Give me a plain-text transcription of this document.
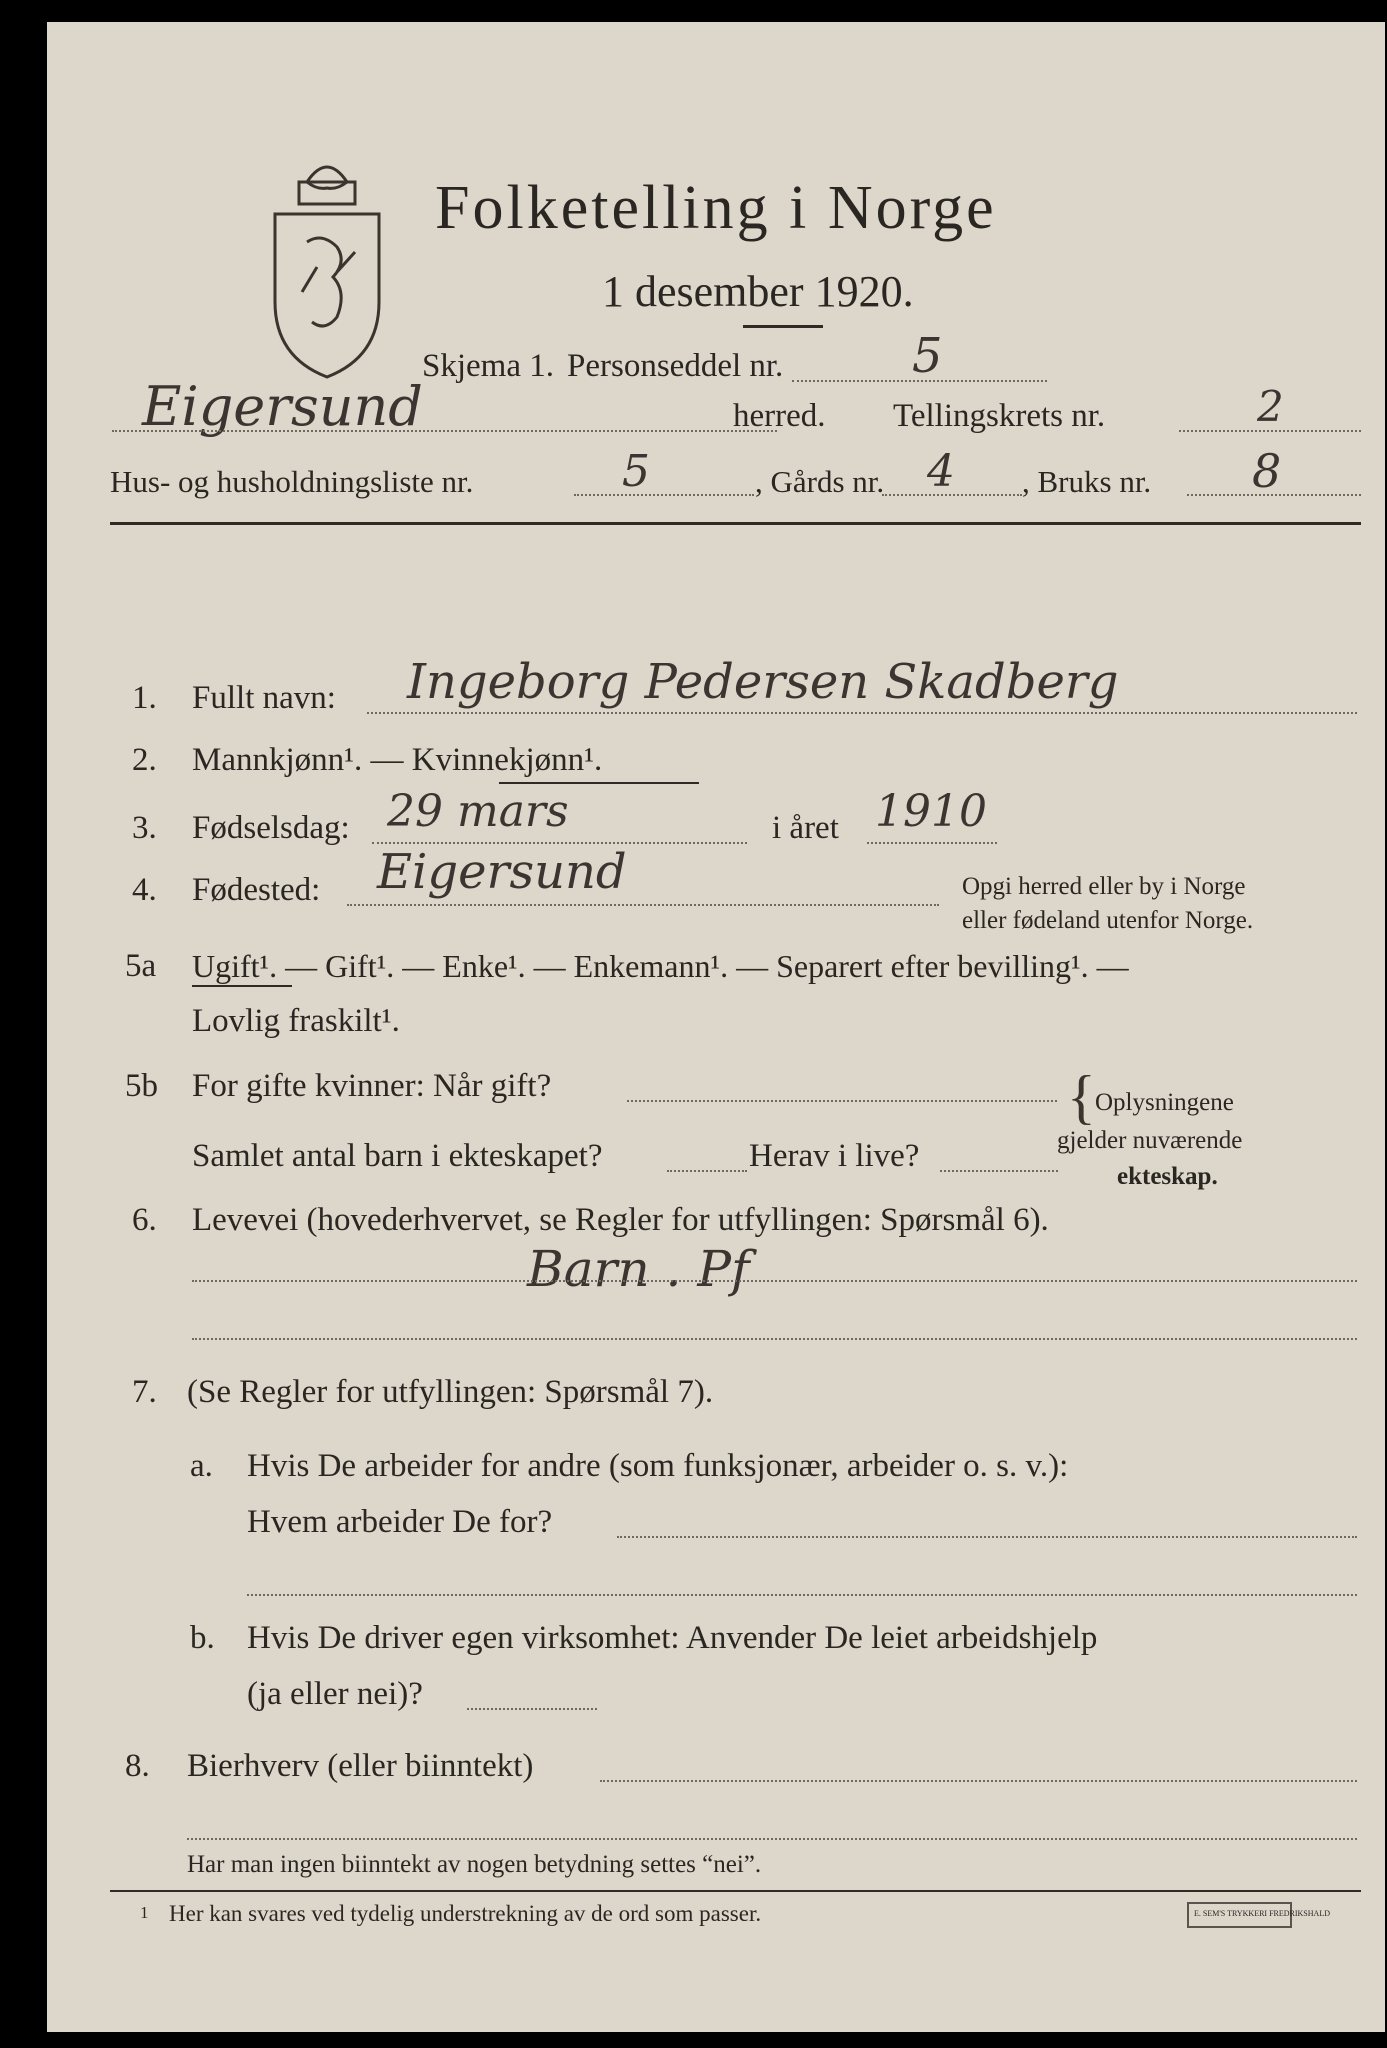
Folketelling i Norge
1 desember 1920.
Skjema 1. Personseddel nr.	5
Eigersund	herred. Tellingskrets nr.	2
Hus- og husholdningsliste nr.	5	, Gårds nr. 4 , Bruks nr. 8
1. Fullt navn: Ingeborg Pedersen Skadberg
2. Mannkjønn¹. — Kvinnekjønn¹.
3. Fødselsdag: 29 mars	i året 1910
4. Fødested: Eigersund	Opgi herred eller by i Norge
eller fødeland utenfor Norge.
5a Ugift¹. — Gift¹. — Enke¹. — Enkemann¹. — Separert efter bevilling¹. —
Lovlig fraskilt¹.
5b For gifte kvinner: Når gift?
Samlet antal barn i ekteskapet?	Herav i live?
{ Oplysningene
gjelder nuværende
ekteskap.
6. Levevei (hovederhvervet, se Regler for utfyllingen: Spørsmål 6).
Barn . Pf
7. (Se Regler for utfyllingen: Spørsmål 7).
a. Hvis De arbeider for andre (som funksjonær, arbeider o. s. v.):
Hvem arbeider De for?
b. Hvis De driver egen virksomhet: Anvender De leiet arbeidshjelp
(ja eller nei)?
8. Bierhverv (eller biinntekt)
Har man ingen biinntekt av nogen betydning settes “nei”.
1 Her kan svares ved tydelig understrekning av de ord som passer.	E. SEM'S TRYKKERI FREDRIKSHALD
